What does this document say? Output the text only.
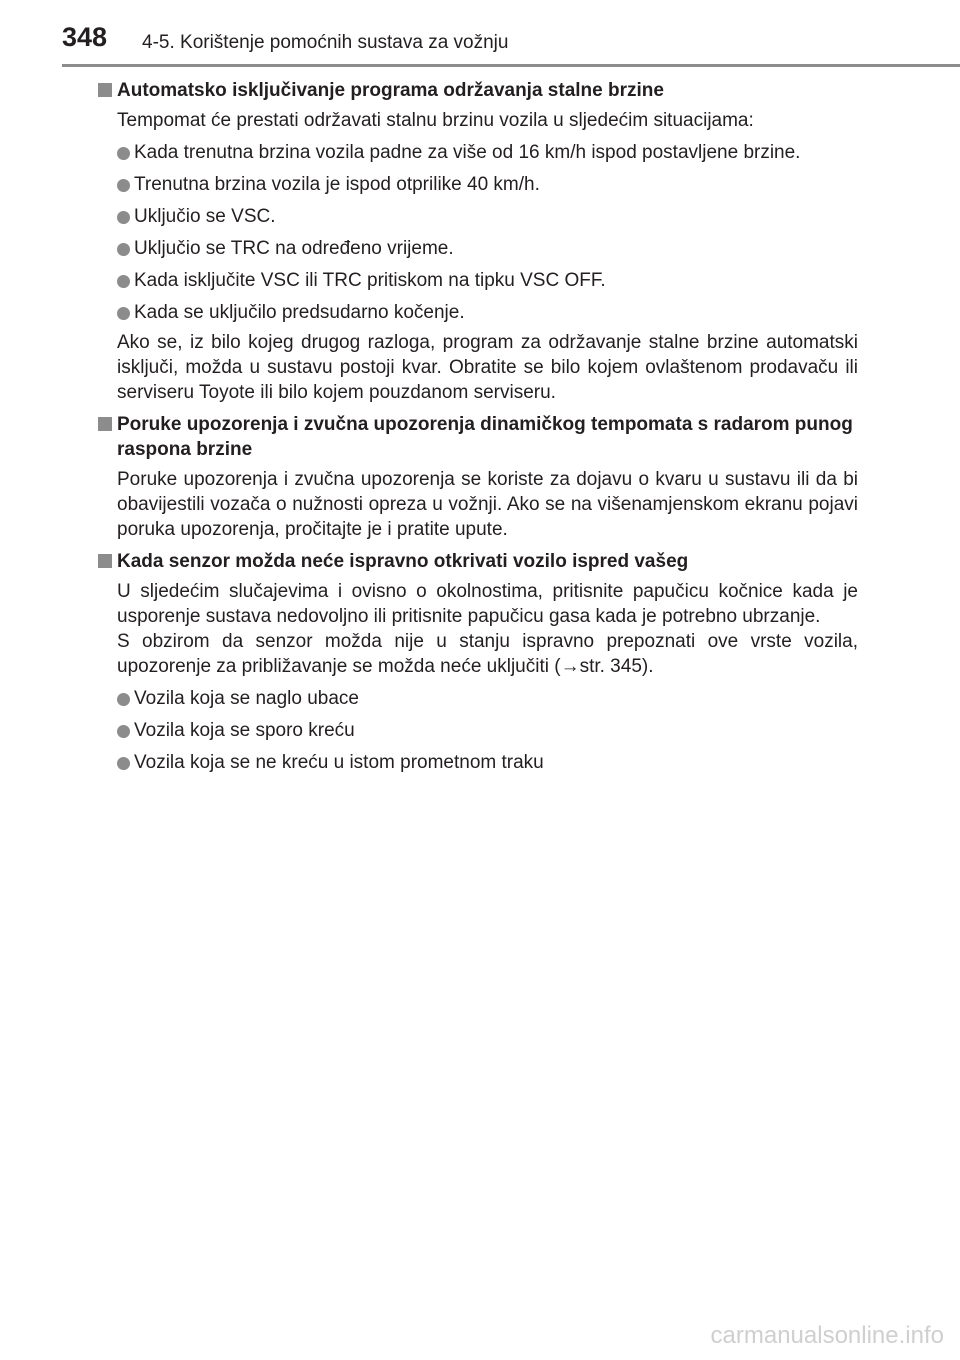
348 4-5. Korištenje pomoćnih sustava za vožnju
Automatsko isključivanje programa održavanja stalne brzine

Tempomat će prestati održavati stalnu brzinu vozila u sljedećim situacijama:

Kada trenutna brzina vozila padne za više od 16 km/h ispod postavljene brzine.
Trenutna brzina vozila je ispod otprilike 40 km/h.
Uključio se VSC.
Uključio se TRC na određeno vrijeme.
Kada isključite VSC ili TRC pritiskom na tipku VSC OFF.
Kada se uključilo predsudarno kočenje.

Ako se, iz bilo kojeg drugog razloga, program za održavanje stalne brzine automatski isključi, možda u sustavu postoji kvar. Obratite se bilo kojem ovlaštenom prodavaču ili serviseru Toyote ili bilo kojem pouzdanom serviseru.

Poruke upozorenja i zvučna upozorenja dinamičkog tempomata s radarom punog raspona brzine

Poruke upozorenja i zvučna upozorenja se koriste za dojavu o kvaru u sustavu ili da bi obavijestili vozača o nužnosti opreza u vožnji. Ako se na višenamjenskom ekranu pojavi poruka upozorenja, pročitajte je i pratite upute.

Kada senzor možda neće ispravno otkrivati vozilo ispred vašeg

U sljedećim slučajevima i ovisno o okolnostima, pritisnite papučicu kočnice kada je usporenje sustava nedovoljno ili pritisnite papučicu gasa kada je potrebno ubrzanje.

S obzirom da senzor možda nije u stanju ispravno prepoznati ove vrste vozila, upozorenje za približavanje se možda neće uključiti (→str. 345).

Vozila koja se naglo ubace
Vozila koja se sporo kreću
Vozila koja se ne kreću u istom prometnom traku
carmanualsonline.info
